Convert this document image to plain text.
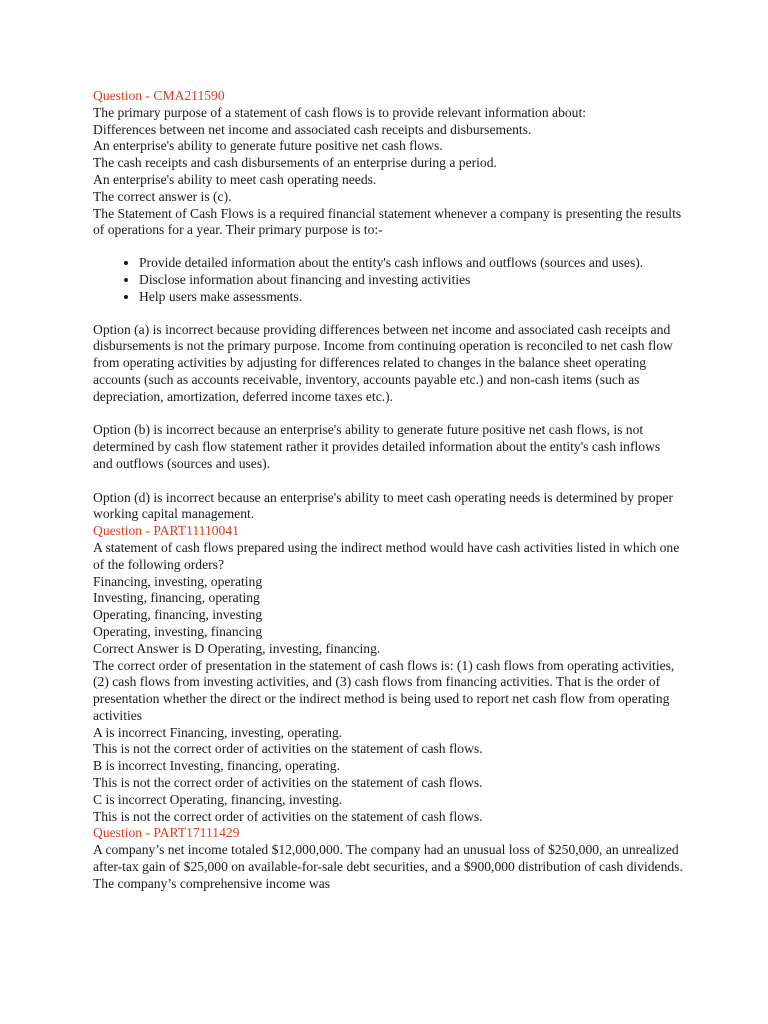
Question - CMA211590

The primary purpose of a statement of cash flows is to provide relevant information about:

Differences between net income and associated cash receipts and disbursements.

An enterprise's ability to generate future positive net cash flows.

The cash receipts and cash disbursements of an enterprise during a period.

An enterprise's ability to meet cash operating needs.

The correct answer is (c).

The Statement of Cash Flows is a required financial statement whenever a company is presenting the results of operations for a year. Their primary purpose is to:-

• Provide detailed information about the entity's cash inflows and outflows (sources and uses).
• Disclose information about financing and investing activities
• Help users make assessments.

Option (a) is incorrect because providing differences between net income and associated cash receipts and disbursements is not the primary purpose. Income from continuing operation is reconciled to net cash flow from operating activities by adjusting for differences related to changes in the balance sheet operating accounts (such as accounts receivable, inventory, accounts payable etc.) and non-cash items (such as depreciation, amortization, deferred income taxes etc.).

Option (b) is incorrect because an enterprise's ability to generate future positive net cash flows, is not determined by cash flow statement rather it provides detailed information about the entity's cash inflows and outflows (sources and uses).

Option (d) is incorrect because an enterprise's ability to meet cash operating needs is determined by proper working capital management.

Question - PART11110041

A statement of cash flows prepared using the indirect method would have cash activities listed in which one of the following orders?

Financing, investing, operating

Investing, financing, operating

Operating, financing, investing

Operating, investing, financing

Correct Answer is D Operating, investing, financing.

The correct order of presentation in the statement of cash flows is: (1) cash flows from operating activities, (2) cash flows from investing activities, and (3) cash flows from financing activities. That is the order of presentation whether the direct or the indirect method is being used to report net cash flow from operating activities

A is incorrect Financing, investing, operating.

This is not the correct order of activities on the statement of cash flows.

B is incorrect Investing, financing, operating.

This is not the correct order of activities on the statement of cash flows.

C is incorrect Operating, financing, investing.

This is not the correct order of activities on the statement of cash flows.

Question - PART17111429

A company’s net income totaled $12,000,000. The company had an unusual loss of $250,000, an unrealized after-tax gain of $25,000 on available-for-sale debt securities, and a $900,000 distribution of cash dividends. The company’s comprehensive income was
